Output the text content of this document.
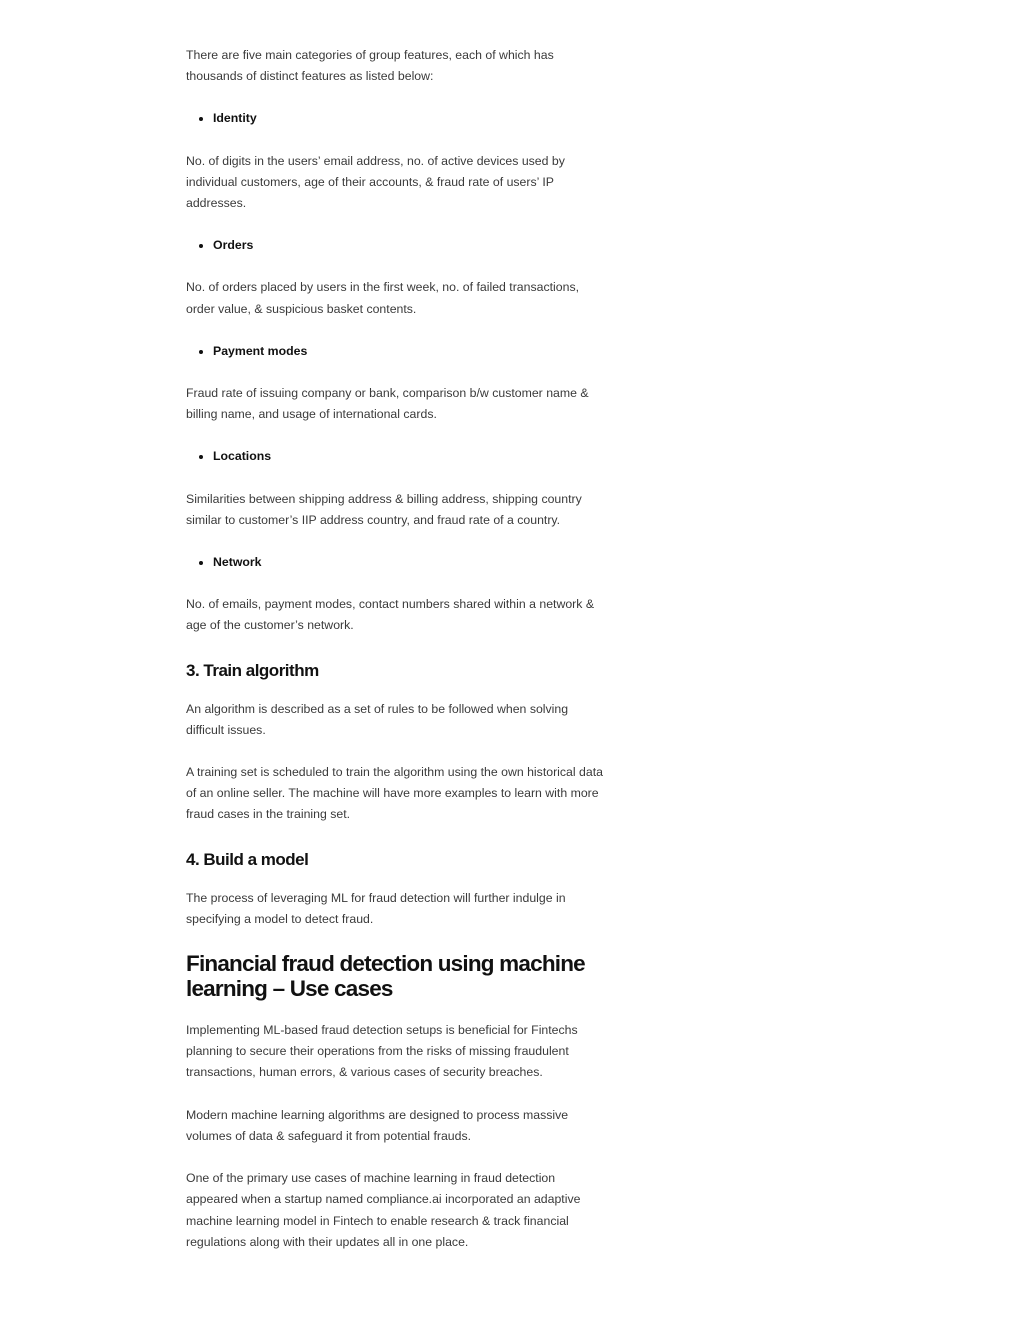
There are five main categories of group features, each of which has thousands of distinct features as listed below:

• Identity

No. of digits in the users’ email address, no. of active devices used by individual customers, age of their accounts, & fraud rate of users’ IP addresses.

• Orders

No. of orders placed by users in the first week, no. of failed transactions, order value, & suspicious basket contents.

• Payment modes

Fraud rate of issuing company or bank, comparison b/w customer name & billing name, and usage of international cards.

• Locations

Similarities between shipping address & billing address, shipping country similar to customer’s IIP address country, and fraud rate of a country.

• Network

No. of emails, payment modes, contact numbers shared within a network & age of the customer’s network.

3. Train algorithm

An algorithm is described as a set of rules to be followed when solving difficult issues.

A training set is scheduled to train the algorithm using the own historical data of an online seller. The machine will have more examples to learn with more fraud cases in the training set.

4. Build a model

The process of leveraging ML for fraud detection will further indulge in specifying a model to detect fraud.

Financial fraud detection using machine learning – Use cases

Implementing ML-based fraud detection setups is beneficial for Fintechs planning to secure their operations from the risks of missing fraudulent transactions, human errors, & various cases of security breaches.

Modern machine learning algorithms are designed to process massive volumes of data & safeguard it from potential frauds.

One of the primary use cases of machine learning in fraud detection appeared when a startup named compliance.ai incorporated an adaptive machine learning model in Fintech to enable research & track financial regulations along with their updates all in one place.
